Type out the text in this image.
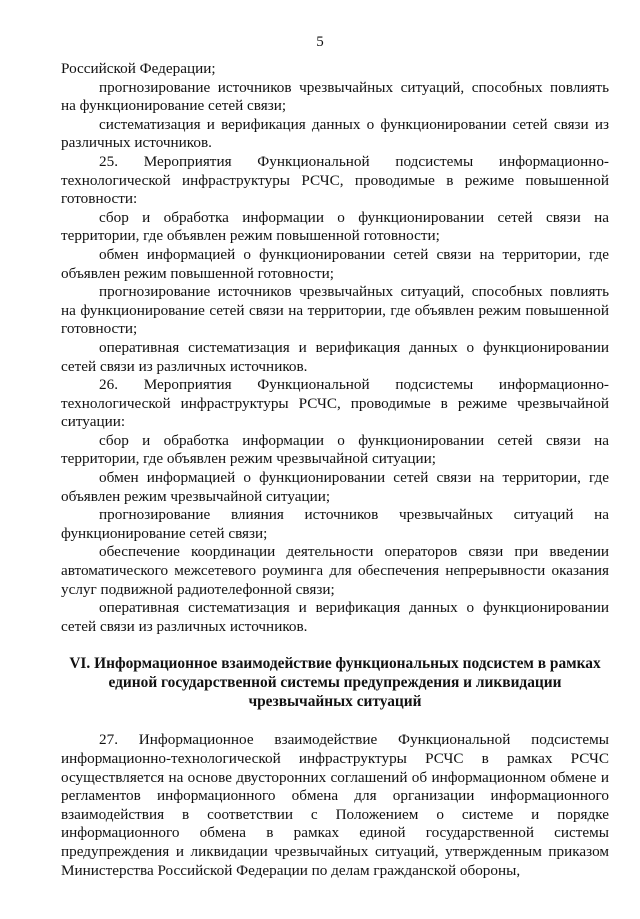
5

Российской Федерации;

прогнозирование источников чрезвычайных ситуаций, способных повлиять на функционирование сетей связи;

систематизация и верификация данных о функционировании сетей связи из различных источников.

25. Мероприятия Функциональной подсистемы информационно-технологической инфраструктуры РСЧС, проводимые в режиме повышенной готовности:

сбор и обработка информации о функционировании сетей связи на территории, где объявлен режим повышенной готовности;

обмен информацией о функционировании сетей связи на территории, где объявлен режим повышенной готовности;

прогнозирование источников чрезвычайных ситуаций, способных повлиять на функционирование сетей связи на территории, где объявлен режим повышенной готовности;

оперативная систематизация и верификация данных о функционировании сетей связи из различных источников.

26. Мероприятия Функциональной подсистемы информационно-технологической инфраструктуры РСЧС, проводимые в режиме чрезвычайной ситуации:

сбор и обработка информации о функционировании сетей связи на территории, где объявлен режим чрезвычайной ситуации;

обмен информацией о функционировании сетей связи на территории, где объявлен режим чрезвычайной ситуации;

прогнозирование влияния источников чрезвычайных ситуаций на функционирование сетей связи;

обеспечение координации деятельности операторов связи при введении автоматического межсетевого роуминга для обеспечения непрерывности оказания услуг подвижной радиотелефонной связи;

оперативная систематизация и верификация данных о функционировании сетей связи из различных источников.

VI. Информационное взаимодействие функциональных подсистем в рамках
единой государственной системы предупреждения и ликвидации
чрезвычайных ситуаций

27. Информационное взаимодействие Функциональной подсистемы информационно-технологической инфраструктуры РСЧС в рамках РСЧС осуществляется на основе двусторонних соглашений об информационном обмене и регламентов информационного обмена для организации информационного взаимодействия в соответствии с Положением о системе и порядке информационного обмена в рамках единой государственной системы предупреждения и ликвидации чрезвычайных ситуаций, утвержденным приказом Министерства Российской Федерации по делам гражданской обороны,
